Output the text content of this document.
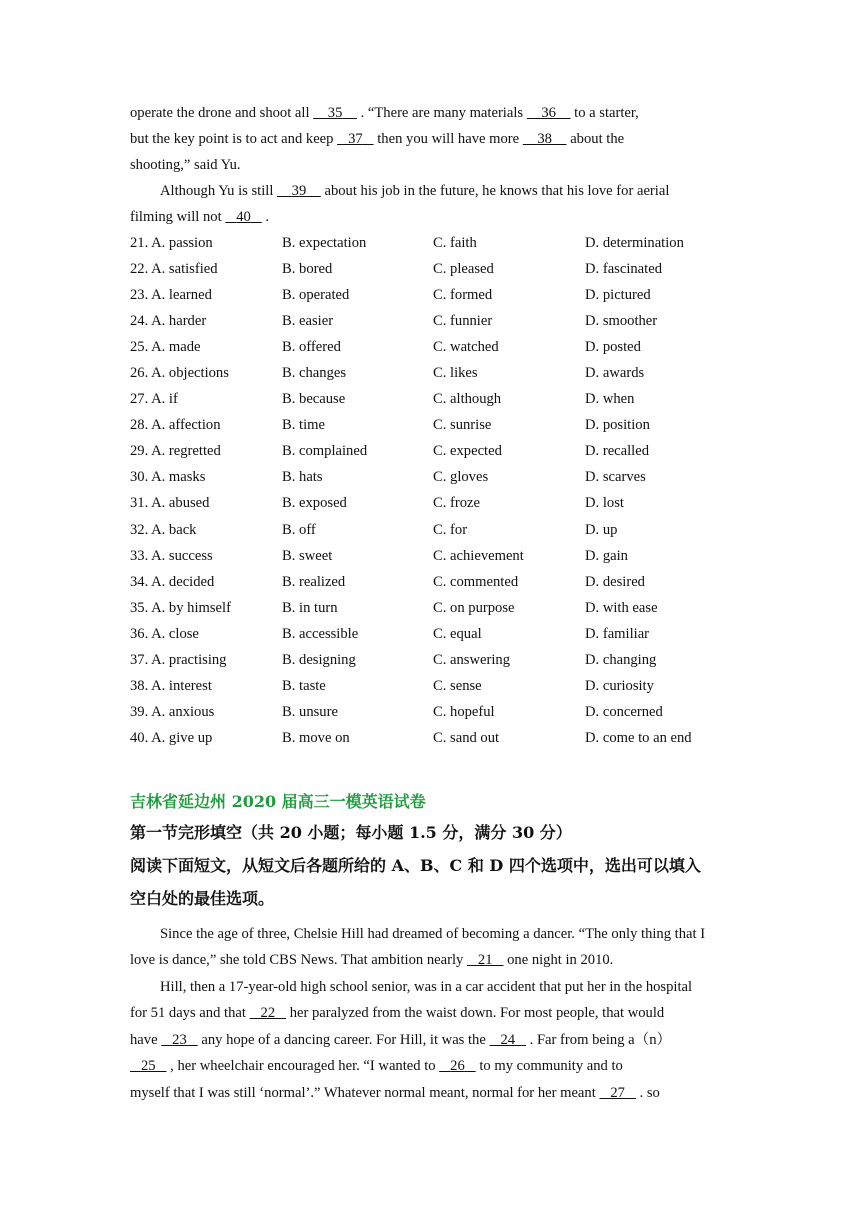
operate the drone and shoot all     35     . “There are many materials     36     to a starter,

but the key point is to act and keep    37    then you will have more     38     about the

shooting,” said Yu.

Although Yu is still     39     about his job in the future, he knows that his love for aerial

filming will not    40    .

21. A. passion	B. expectation	C. faith	D. determination
22. A. satisfied	B. bored	C. pleased	D. fascinated
23. A. learned	B. operated	C. formed	D. pictured
24. A. harder	B. easier	C. funnier	D. smoother
25. A. made	B. offered	C. watched	D. posted
26. A. objections	B. changes	C. likes	D. awards
27. A. if	B. because	C. although	D. when
28. A. affection	B. time	C. sunrise	D. position
29. A. regretted	B. complained	C. expected	D. recalled
30. A. masks	B. hats	C. gloves	D. scarves
31. A. abused	B. exposed	C. froze	D. lost
32. A. back	B. off	C. for	D. up
33. A. success	B. sweet	C. achievement	D. gain
34. A. decided	B. realized	C. commented	D. desired
35. A. by himself	B. in turn	C. on purpose	D. with ease
36. A. close	B. accessible	C. equal	D. familiar
37. A. practising	B. designing	C. answering	D. changing
38. A. interest	B. taste	C. sense	D. curiosity
39. A. anxious	B. unsure	C. hopeful	D. concerned
40. A. give up	B. move on	C. sand out	D. come to an end
吉林省延边州 2020 届高三一模英语试卷

第一节完形填空（共 20 小题；每小题 1.5 分，满分 30 分）

阅读下面短文，从短文后各题所给的 A、B、C 和 D 四个选项中，选出可以填入

空白处的最佳选项。

Since the age of three, Chelsie Hill had dreamed of becoming a dancer. “The only thing that I

love is dance,” she told CBS News. That ambition nearly    21    one night in 2010.

Hill, then a 17-year-old high school senior, was in a car accident that put her in the hospital

for 51 days and that    22    her paralyzed from the waist down. For most people, that would

have    23    any hope of a dancing career. For Hill, it was the    24    . Far from being a（n）

25    , her wheelchair encouraged her. “I wanted to    26    to my community and to

myself that I was still ‘normal’.” Whatever normal meant, normal for her meant    27    . so
